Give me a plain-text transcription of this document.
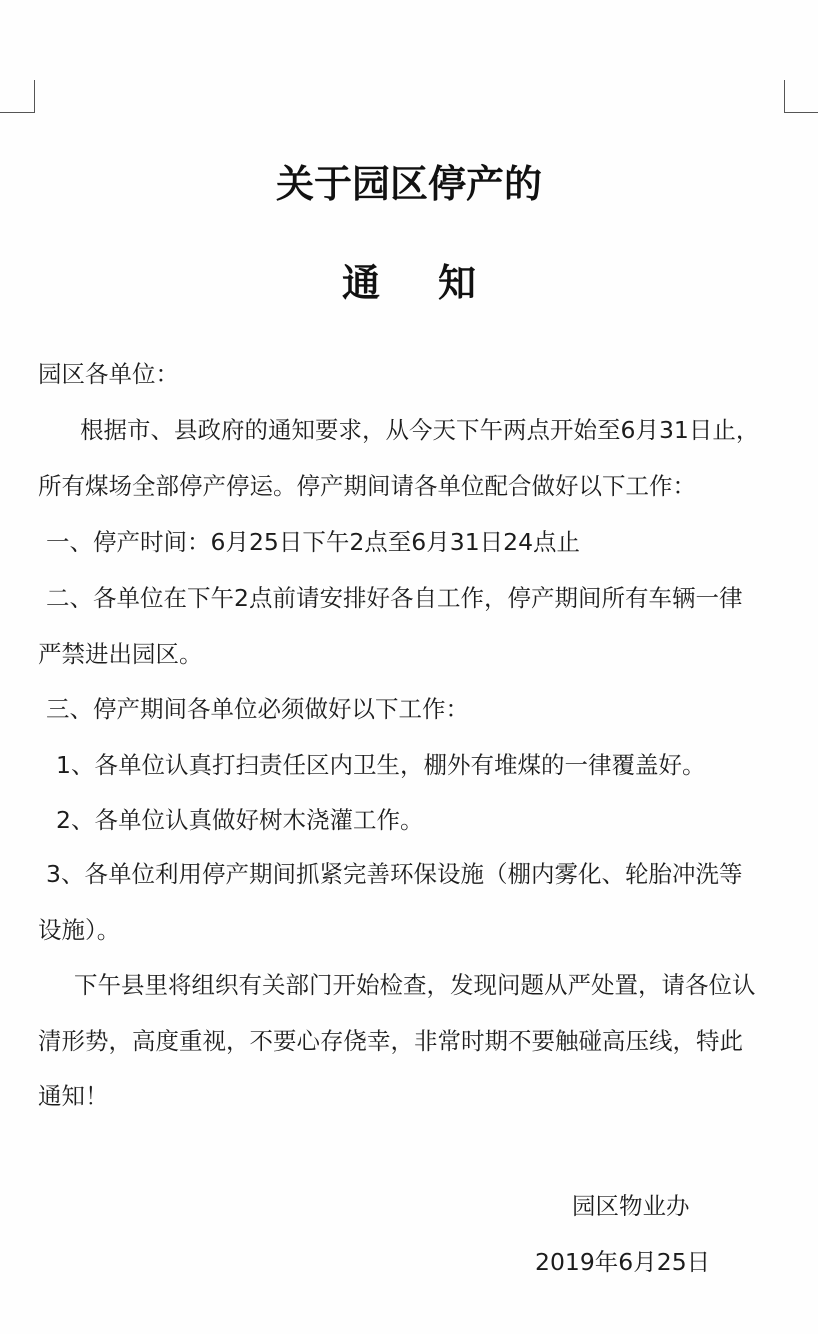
关于园区停产的
通知
园区各单位：
根据市、县政府的通知要求，从今天下午两点开始至6月31日止，
所有煤场全部停产停运。停产期间请各单位配合做好以下工作：
一、停产时间：6月25日下午2点至6月31日24点止
二、各单位在下午2点前请安排好各自工作，停产期间所有车辆一律
严禁进出园区。
三、停产期间各单位必须做好以下工作：
1、各单位认真打扫责任区内卫生，棚外有堆煤的一律覆盖好。
2、各单位认真做好树木浇灌工作。
3、各单位利用停产期间抓紧完善环保设施（棚内雾化、轮胎冲洗等
设施）。
下午县里将组织有关部门开始检查，发现问题从严处置，请各位认
清形势，高度重视，不要心存侥幸，非常时期不要触碰高压线，特此
通知！
园区物业办
2019年6月25日
